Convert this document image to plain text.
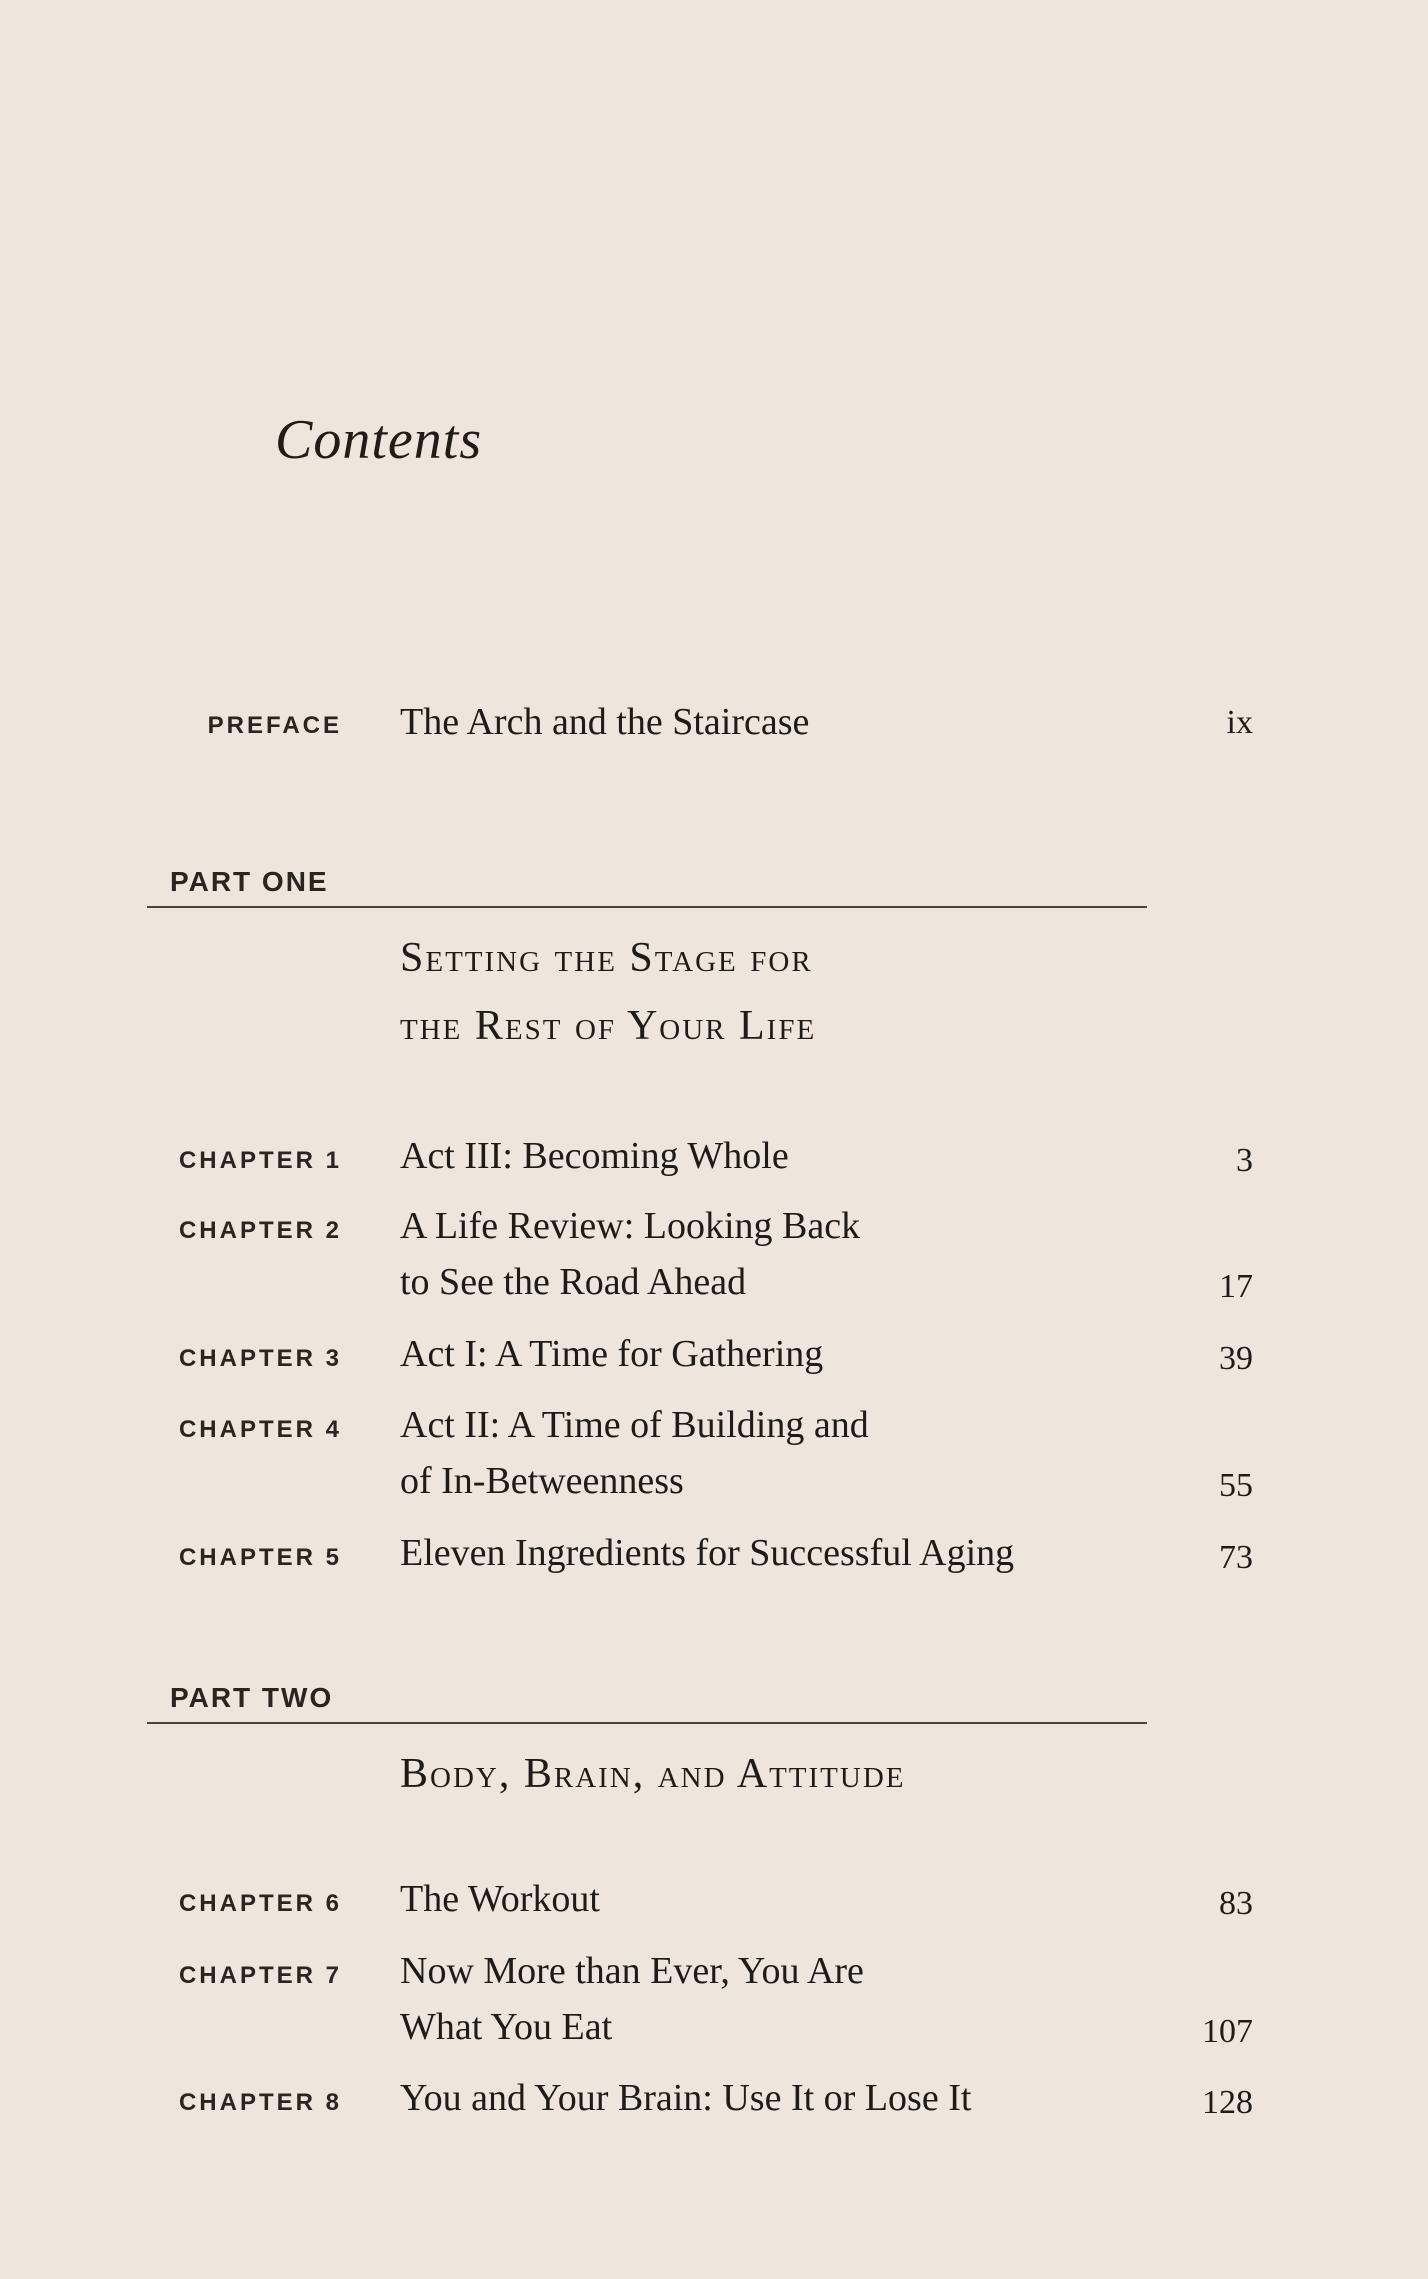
Contents
PREFACE The Arch and the Staircase	ix
PART ONE
Setting the Stage for
the Rest of Your Life
CHAPTER 1 Act III: Becoming Whole	3
CHAPTER 2 A Life Review: Looking Back
to See the Road Ahead	17
CHAPTER 3 Act I: A Time for Gathering	39
CHAPTER 4 Act II: A Time of Building and
of In-Betweenness	55
CHAPTER 5 Eleven Ingredients for Successful Aging	73
PART TWO
Body, Brain, and Attitude
CHAPTER 6 The Workout	83
CHAPTER 7 Now More than Ever, You Are
What You Eat	107
CHAPTER 8 You and Your Brain: Use It or Lose It	128
